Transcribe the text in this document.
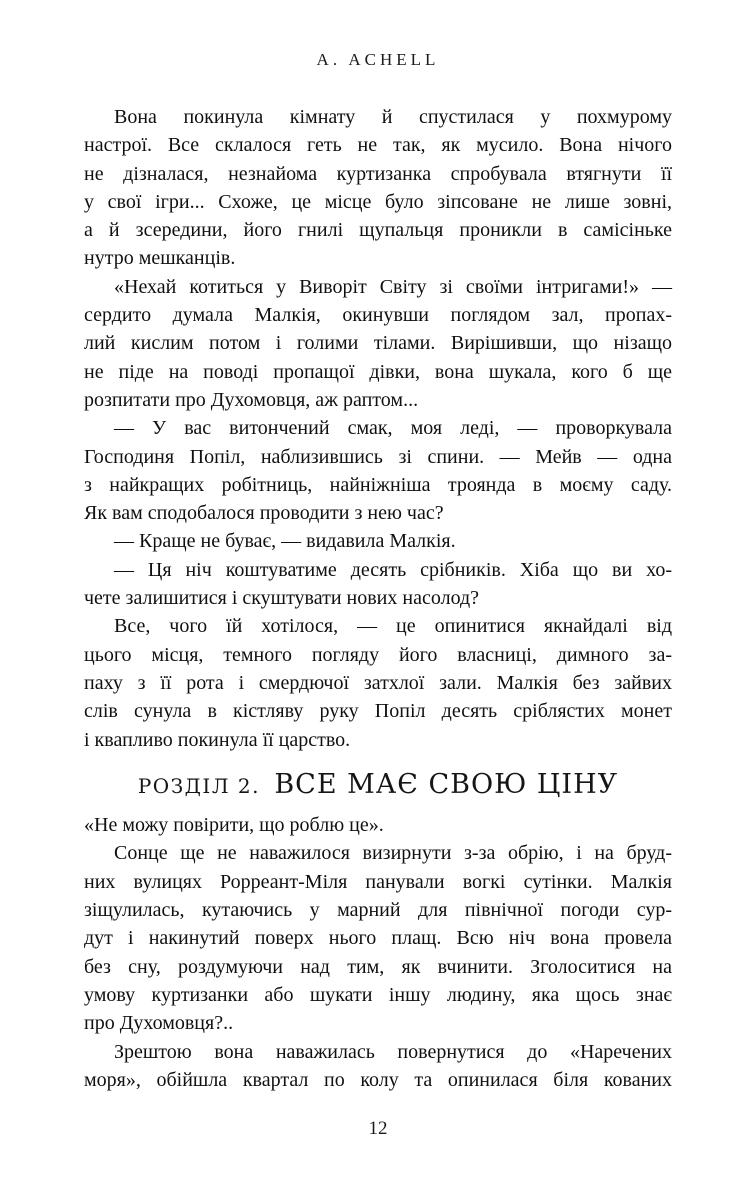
A. ACHELL
Вона покинула кімнату й спустилася у похмурому
настрої. Все склалося геть не так, як мусило. Вона нічого
не дізналася, незнайома куртизанка спробувала втягнути її
у свої ігри... Схоже, це місце було зіпсоване не лише зовні,
а й зсередини, його гнилі щупальця проникли в самісіньке
нутро мешканців.
«Нехай котиться у Виворіт Світу зі своїми інтригами!» —
сердито думала Малкія, окинувши поглядом зал, пропах-
лий кислим потом і голими тілами. Вирішивши, що нізащо
не піде на поводі пропащої дівки, вона шукала, кого б ще
розпитати про Духомовця, аж раптом...
— У вас витончений смак, моя леді, — проворкувала
Господиня Попіл, наблизившись зі спини. — Мейв — одна
з найкращих робітниць, найніжніша троянда в моєму саду.
Як вам сподобалося проводити з нею час?
— Краще не буває, — видавила Малкія.
— Ця ніч коштуватиме десять срібників. Хіба що ви хо-
чете залишитися і скуштувати нових насолод?
Все, чого їй хотілося, — це опинитися якнайдалі від
цього місця, темного погляду його власниці, димного за-
паху з її рота і смердючої затхлої зали. Малкія без зайвих
слів сунула в кістляву руку Попіл десять сріблястих монет
і квапливо покинула її царство.
РОЗДІЛ 2. ВСЕ МАЄ СВОЮ ЦІНУ
«Не можу повірити, що роблю це».
Сонце ще не наважилося визирнути з-за обрію, і на бруд-
них вулицях Рорреант-Міля панували вогкі сутінки. Малкія
зіщулилась, кутаючись у марний для північної погоди сур-
дут і накинутий поверх нього плащ. Всю ніч вона провела
без сну, роздумуючи над тим, як вчинити. Зголоситися на
умову куртизанки або шукати іншу людину, яка щось знає
про Духомовця?..
Зрештою вона наважилась повернутися до «Наречених
моря», обійшла квартал по колу та опинилася біля кованих
12
